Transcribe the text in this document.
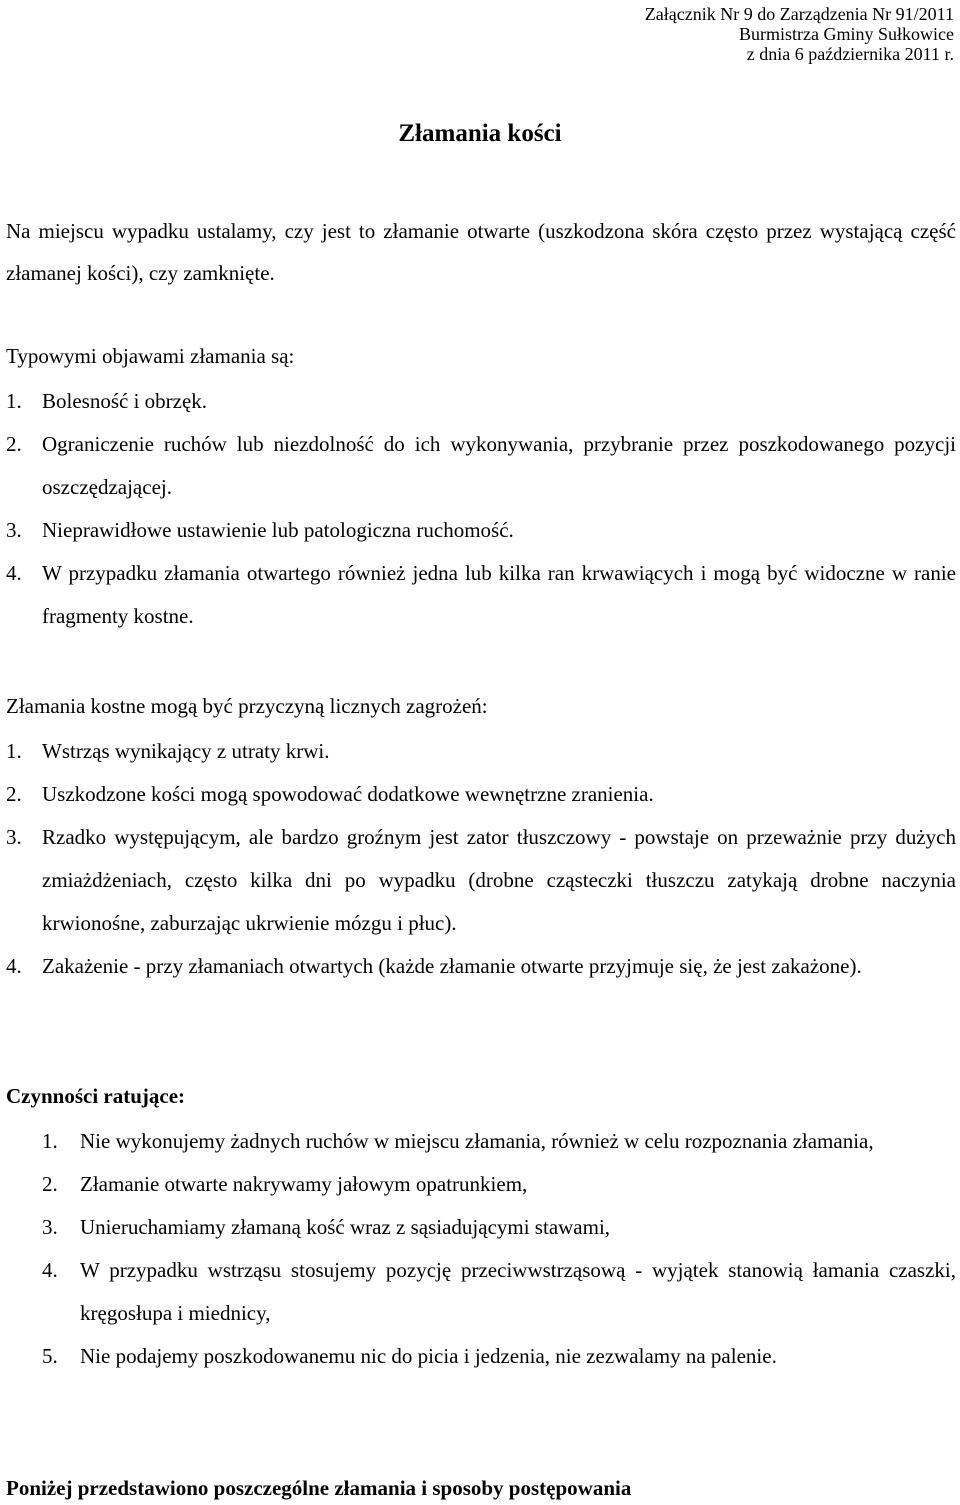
Załącznik Nr 9 do Zarządzenia Nr 91/2011
Burmistrza Gminy Sułkowice
z dnia 6 października 2011 r.
Złamania kości

Na miejscu wypadku ustalamy, czy jest to złamanie otwarte (uszkodzona skóra często przez wystającą część złamanej kości), czy zamknięte.

Typowymi objawami złamania są:

1. Bolesność i obrzęk.
2. Ograniczenie ruchów lub niezdolność do ich wykonywania, przybranie przez poszkodowanego pozycji oszczędzającej.
3. Nieprawidłowe ustawienie lub patologiczna ruchomość.
4. W przypadku złamania otwartego również jedna lub kilka ran krwawiących i mogą być widoczne w ranie fragmenty kostne.

Złamania kostne mogą być przyczyną licznych zagrożeń:

1. Wstrząs wynikający z utraty krwi.
2. Uszkodzone kości mogą spowodować dodatkowe wewnętrzne zranienia.
3. Rzadko występującym, ale bardzo groźnym jest zator tłuszczowy - powstaje on przeważnie przy dużych zmiażdżeniach, często kilka dni po wypadku (drobne cząsteczki tłuszczu zatykają drobne naczynia krwionośne, zaburzając ukrwienie mózgu i płuc).
4. Zakażenie - przy złamaniach otwartych (każde złamanie otwarte przyjmuje się, że jest zakażone).

Czynności ratujące:

1. Nie wykonujemy żadnych ruchów w miejscu złamania, również w celu rozpoznania złamania,
2. Złamanie otwarte nakrywamy jałowym opatrunkiem,
3. Unieruchamiamy złamaną kość wraz z sąsiadującymi stawami,
4. W przypadku wstrząsu stosujemy pozycję przeciwwstrząsową - wyjątek stanowią łamania czaszki, kręgosłupa i miednicy,
5. Nie podajemy poszkodowanemu nic do picia i jedzenia, nie zezwalamy na palenie.

Poniżej przedstawiono poszczególne złamania i sposoby postępowania
